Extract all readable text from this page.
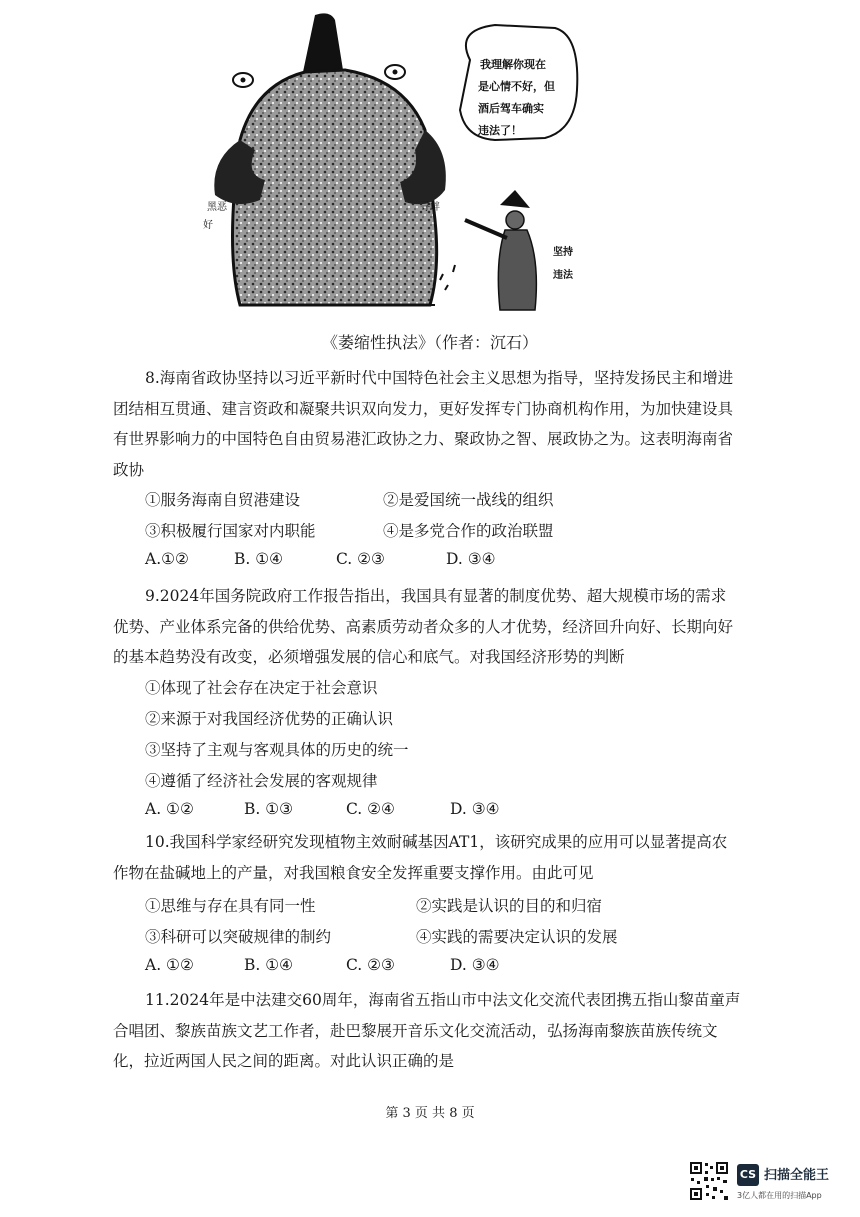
我理解你现在
是心情不好，但
酒后驾车确实
违法了！
黑恶
好
寻衅
坚持
违法
《萎缩性执法》（作者：沉石）
8.海南省政协坚持以习近平新时代中国特色社会主义思想为指导，坚持发扬民主和增进团结相互贯通、建言资政和凝聚共识双向发力，更好发挥专门协商机构作用，为加快建设具有世界影响力的中国特色自由贸易港汇政协之力、聚政协之智、展政协之为。这表明海南省政协
①服务海南自贸港建设	②是爱国统一战线的组织
③积极履行国家对内职能	④是多党合作的政治联盟
A.①②	B. ①④	C. ②③	D. ③④
9.2024年国务院政府工作报告指出，我国具有显著的制度优势、超大规模市场的需求优势、产业体系完备的供给优势、高素质劳动者众多的人才优势，经济回升向好、长期向好的基本趋势没有改变，必须增强发展的信心和底气。对我国经济形势的判断
①体现了社会存在决定于社会意识
②来源于对我国经济优势的正确认识
③坚持了主观与客观具体的历史的统一
④遵循了经济社会发展的客观规律
A. ①②	B. ①③	C. ②④	D. ③④
10.我国科学家经研究发现植物主效耐碱基因AT1，该研究成果的应用可以显著提高农作物在盐碱地上的产量，对我国粮食安全发挥重要支撑作用。由此可见
①思维与存在具有同一性	②实践是认识的目的和归宿
③科研可以突破规律的制约	④实践的需要决定认识的发展
A. ①②	B. ①④	C. ②③	D. ③④
11.2024年是中法建交60周年，海南省五指山市中法文化交流代表团携五指山黎苗童声合唱团、黎族苗族文艺工作者，赴巴黎展开音乐文化交流活动，弘扬海南黎族苗族传统文化，拉近两国人民之间的距离。对此认识正确的是
第 3 页 共 8 页
CS 扫描全能王
3亿人都在用的扫描App
